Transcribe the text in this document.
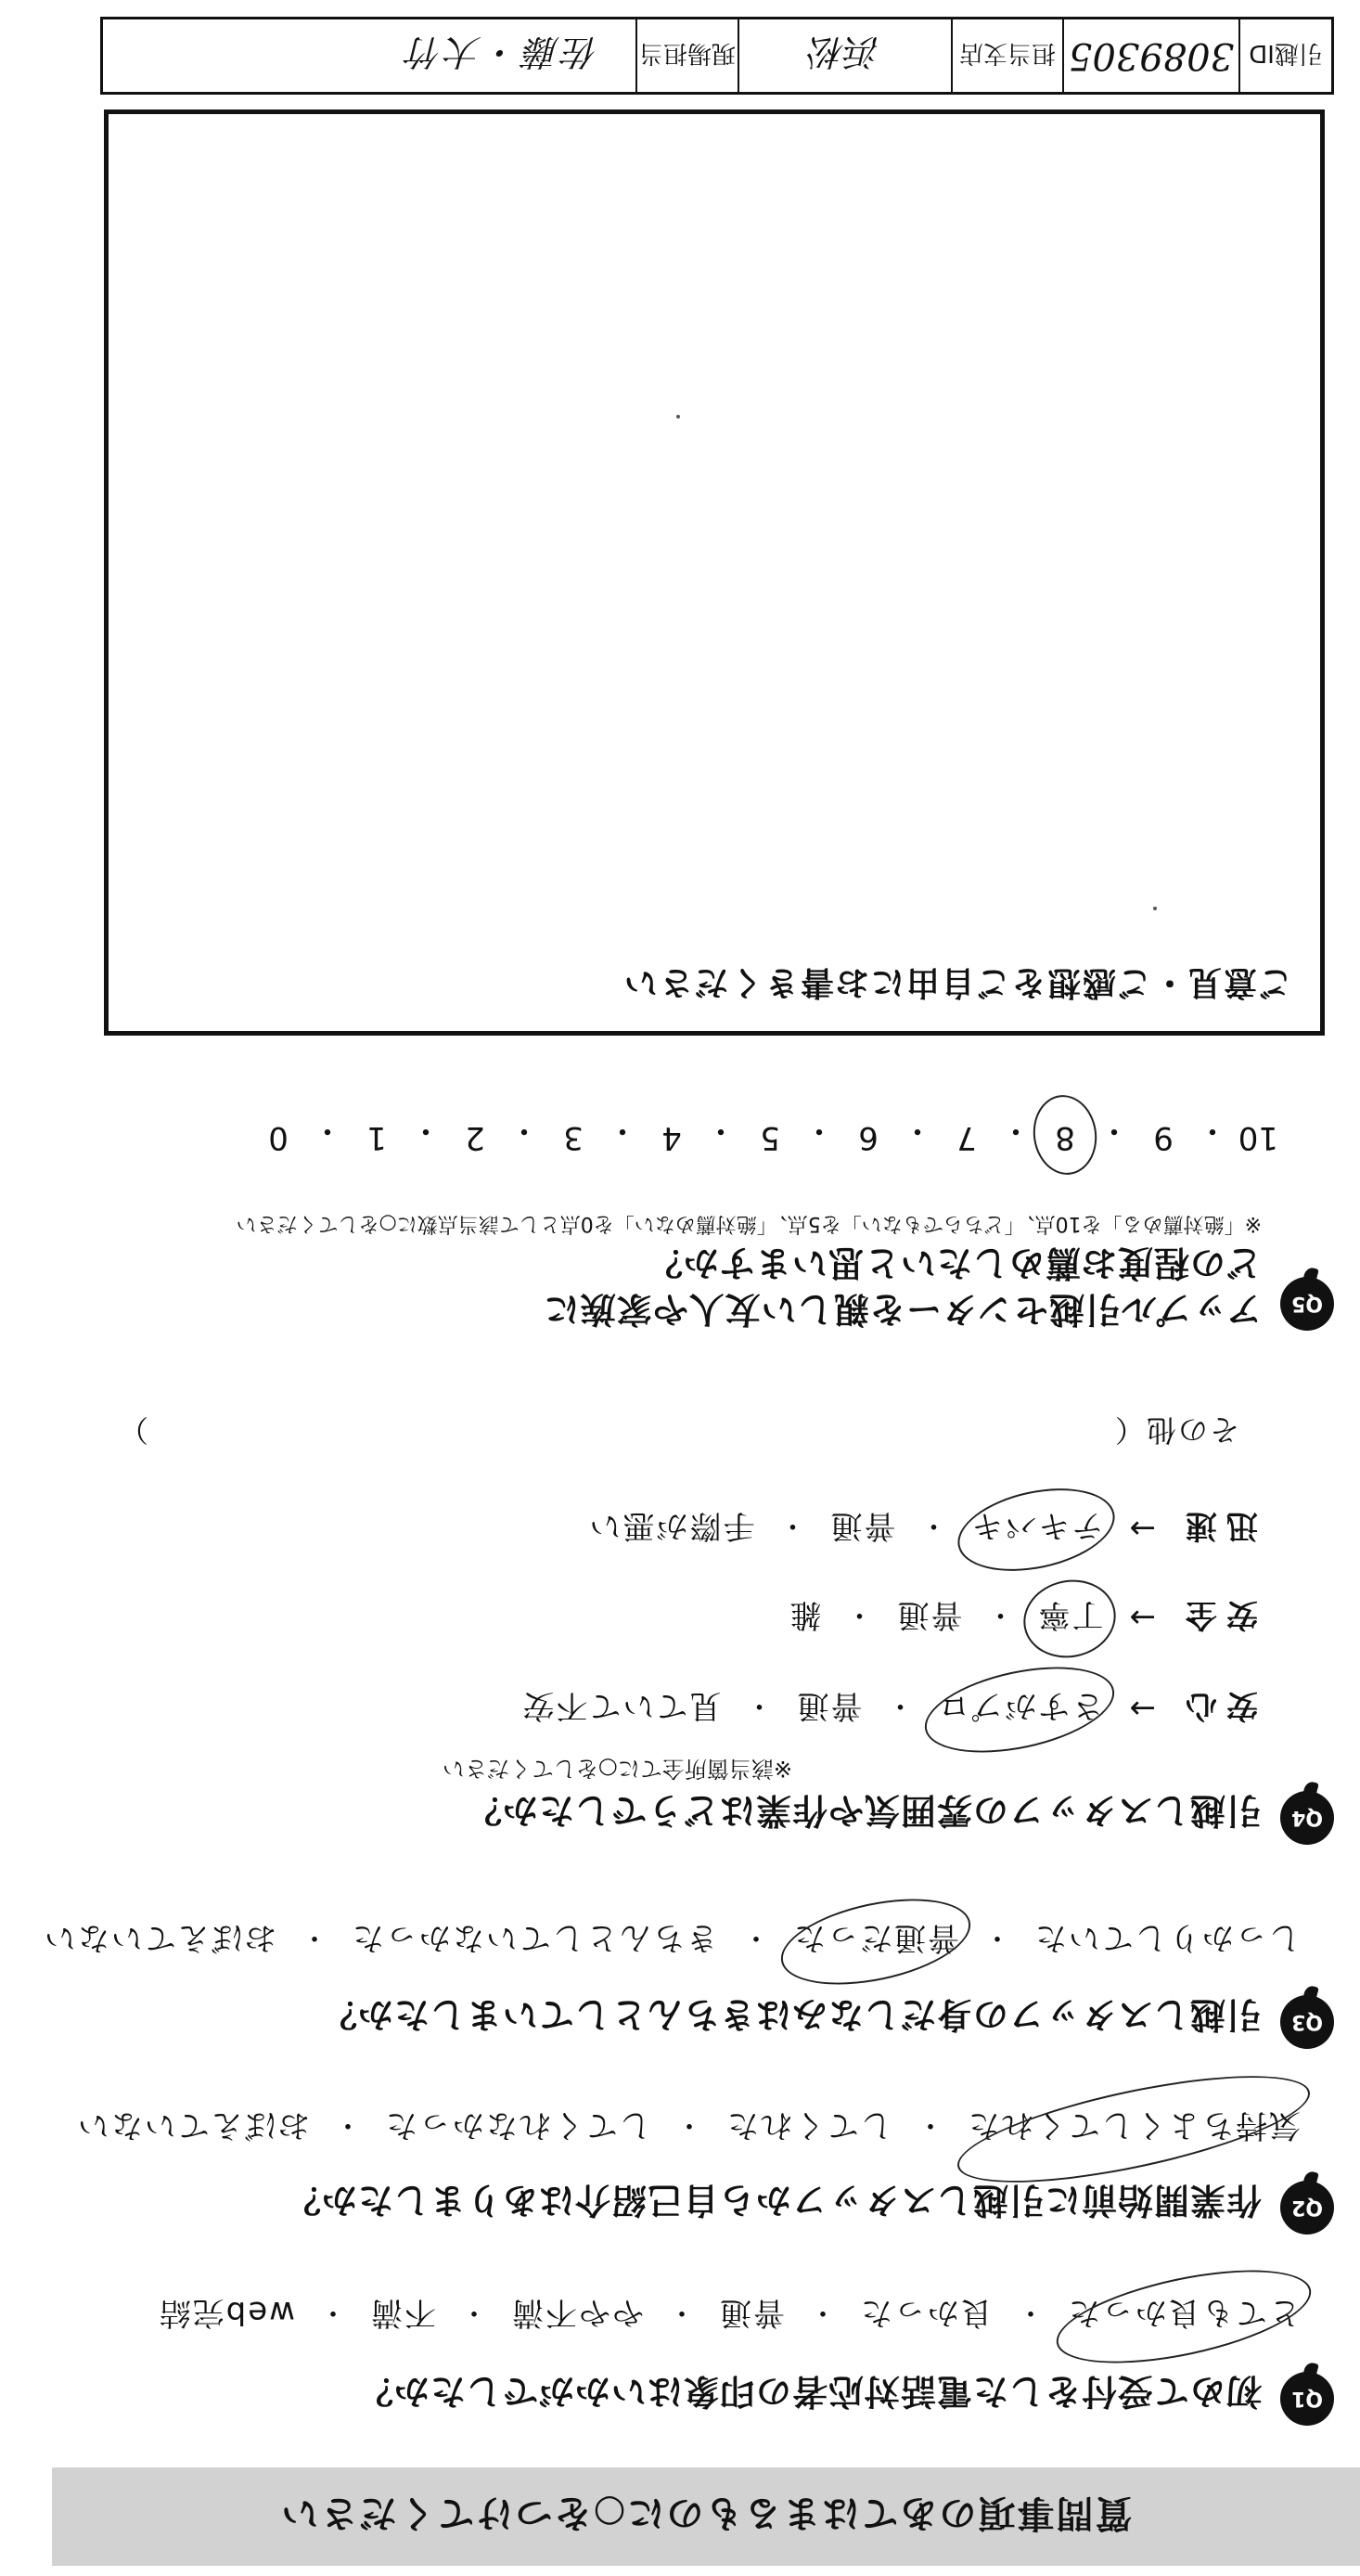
質問事項のあてはまるものに○をつけてください
Q1
初めて受付をした電話対応者の印象はいかがでしたか？
とても良かった
・
良かった
・
普通
・
やや不満
・
不満
・
web完結
Q2
作業開始前に引越しスタッフから自己紹介はありましたか？
気持ちよくしてくれた
・
してくれた
・
してくれなかった
・
おぼえていない
Q3
引越しスタッフの身だしなみはきちんとしていましたか？
しっかりしていた
・
普通だった
・
きちんとしていなかった
・
おぼえていない
Q4
引越しスタッフの雰囲気や作業はどうでしたか？
※該当箇所全てに○をしてください
安心
→
さすがプロ
・
普通
・
見ていて不安
安全
→
丁寧
・
普通
・
雑
迅速
→
テキパキ
・
普通
・
手際が悪い
その他（
）
Q5
アップル引越センターを親しい友人や家族に
どの程度お薦めしたいと思いますか？
※「絶対薦める」を10点、「どちらでもない」を5点、「絶対薦めない」を0点として該当点数に○をしてください
10
・
9
・
8
・
7
・
6
・
5
・
4
・
3
・
2
・
1
・
0
ご意見・ご感想をご自由にお書きください
引越ID
3089305
担当支店
浜松
現場担当
佐藤・大竹
